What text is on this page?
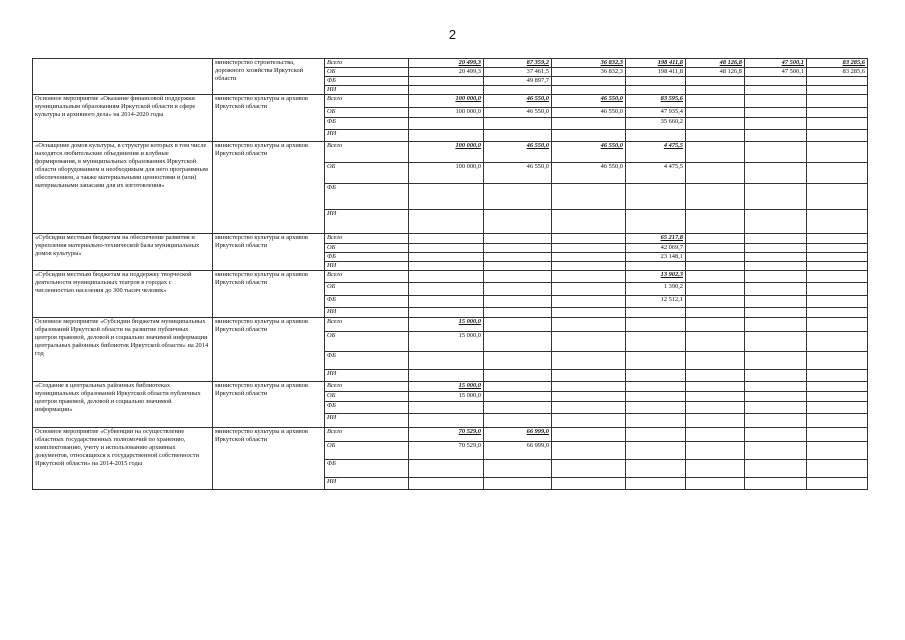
2
	министерство строительства, дорожного хозяйства Иркутской области	Всего	20 499,3	87 359,2	36 832,3	198 411,8	48 126,8	47 500,1	83 285,6
		ОБ	20 499,3	37 461,5	36 832,3	198 411,8	48 126,8	47 500,1	83 285,6
		ФБ		49 897,7					
		ИИ							
Основное мероприятие «Оказание финансовой поддержки муниципальным образованиям Иркутской области в сфере культуры и архивного дела» на 2014-2020 годы	министерство культуры и архивов Иркутской области	Всего	100 000,0	46 550,0	46 550,0	83 595,6			
		ОБ	100 000,0	46 550,0	46 550,0	47 935,4			
		ФБ				35 660,2			
		ИИ							
«Оснащение домов культуры, в структуре которых в том числе находятся любительские объединения и клубные формирования, в муниципальных образованиях Иркутской области оборудованием и необходимым для него программным обеспечением, а также материальными ценностями и (или) материальными запасами для их изготовления»	министерство культуры и архивов Иркутской области	Всего	100 000,0	46 550,0	46 550,0	4 475,5			
		ОБ	100 000,0	46 550,0	46 550,0	4 475,5			
		ФБ							
		ИИ							
«Субсидии местным бюджетам на обеспечение развития и укрепления материально-технической базы муниципальных домов культуры»	министерство культуры и архивов Иркутской области	Всего				65 217,8			
		ОБ				42 069,7			
		ФБ				23 148,1			
		ИИ							
«Субсидии местным бюджетам на поддержку творческой деятельности муниципальных театров в городах с численностью населения до 300 тысяч человек»	министерство культуры и архивов Иркутской области	Всего				13 902,3			
		ОБ				1 390,2			
		ФБ				12 512,1			
		ИИ							
Основное мероприятие «Субсидии бюджетам муниципальных образований Иркутской области на развитие публичных центров правовой, деловой и социально значимой информации центральных районных библиотек Иркутской области» на 2014 год	министерство культуры и архивов Иркутской области	Всего	15 000,0						
		ОБ	15 000,0						
		ФБ							
		ИИ							
«Создание в центральных районных библиотеках муниципальных образований Иркутской области публичных центров правовой, деловой и социально значимой информации»	министерство культуры и архивов Иркутской области	Всего	15 000,0						
		ОБ	15 000,0						
		ФБ							
		ИИ							
Основное мероприятие «Субвенции на осуществление областных государственных полномочий по хранению, комплектованию, учету и использованию архивных документов, относящихся к государственной собственности Иркутской области» на 2014-2015 годы	министерство культуры и архивов Иркутской области	Всего	70 529,0	66 999,0					
		ОБ	70 529,0	66 999,0					
		ФБ							
		ИИ							
